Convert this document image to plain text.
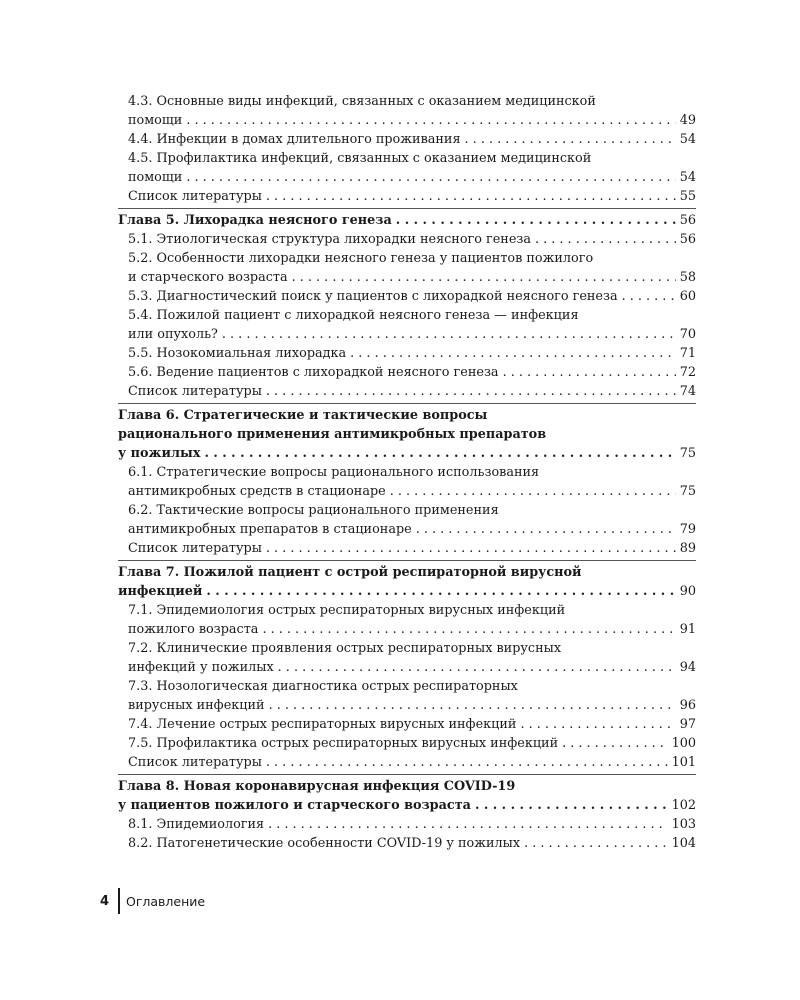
4.3. Основные виды инфекций, связанных с оказанием медицинской
помощи . . .	49
4.4. Инфекции в домах длительного проживания . . .	54
4.5. Профилактика инфекций, связанных с оказанием медицинской
помощи . . .	54
Список литературы . . .	55
Глава 5. Лихорадка неясного генеза . . .	56
5.1. Этиологическая структура лихорадки неясного генеза . . .	56
5.2. Особенности лихорадки неясного генеза у пациентов пожилого
и старческого возраста . . .	58
5.3. Диагностический поиск у пациентов с лихорадкой неясного генеза . . .	60
5.4. Пожилой пациент с лихорадкой неясного генеза — инфекция
или опухоль? . . .	70
5.5. Нозокомиальная лихорадка . . .	71
5.6. Ведение пациентов с лихорадкой неясного генеза . . .	72
Список литературы . . .	74
Глава 6. Стратегические и тактические вопросы
рационального применения антимикробных препаратов
у пожилых . . .	75
6.1. Стратегические вопросы рационального использования
антимикробных средств в стационаре . . .	75
6.2. Тактические вопросы рационального применения
антимикробных препаратов в стационаре . . .	79
Список литературы . . .	89
Глава 7. Пожилой пациент с острой респираторной вирусной
инфекцией . . .	90
7.1. Эпидемиология острых респираторных вирусных инфекций
пожилого возраста . . .	91
7.2. Клинические проявления острых респираторных вирусных
инфекций у пожилых . . .	94
7.3. Нозологическая диагностика острых респираторных
вирусных инфекций . . .	96
7.4. Лечение острых респираторных вирусных инфекций . . .	97
7.5. Профилактика острых респираторных вирусных инфекций . . .	100
Список литературы . . .	101
Глава 8. Новая коронавирусная инфекция COVID-19
у пациентов пожилого и старческого возраста . . .	102
8.1. Эпидемиология . . .	103
8.2. Патогенетические особенности COVID-19 у пожилых . . .	104
4	Оглавление
